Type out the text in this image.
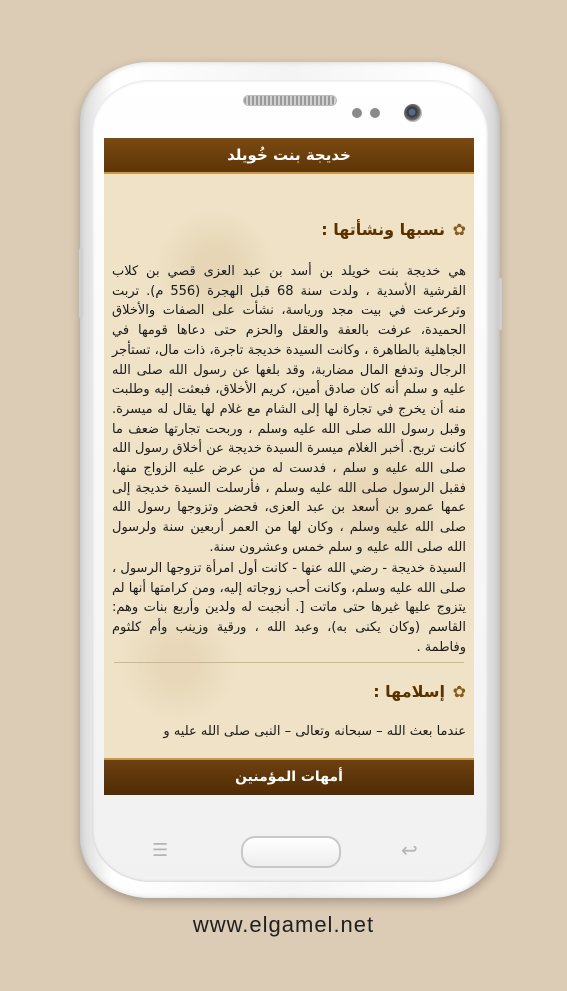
خديجة بنت خُويلد
✿
نسبها ونشأتها :
هي خديجة بنت خويلد بن أسد بن عبد العزى قصي بن كلاب القرشية الأسدية ، ولدت سنة 68 قبل الهجرة (556 م). تربت وترعرعت في بيت مجد ورياسة، نشأت على الصفات والأخلاق الحميدة، عرفت بالعفة والعقل والحزم حتى دعاها قومها في الجاهلية بالطاهرة ، وكانت السيدة خديجة تاجرة، ذات مال، تستأجر الرجال وتدفع المال مضاربة، وقد بلغها عن رسول الله صلى الله عليه و سلم أنه كان صادق أمين، كريم الأخلاق، فبعثت إليه وطلبت منه أن يخرج في تجارة لها إلى الشام مع غلام لها يقال له ميسرة. وقبل رسول الله صلى الله عليه وسلم ، وربحت تجارتها ضعف ما كانت تربح. أخبر الغلام ميسرة السيدة خديجة عن أخلاق رسول الله صلى الله عليه و سلم ، فدست له من عرض عليه الزواج منها، فقبل الرسول صلى الله عليه وسلم ، فأرسلت السيدة خديجة إلى عمها عمرو بن أسعد بن عبد العزى، فحضر وتزوجها رسول الله صلى الله عليه وسلم ، وكان لها من العمر أربعين سنة ولرسول الله صلى الله عليه و سلم خمس وعشرون سنة.
السيدة خديجة - رضي الله عنها - كانت أول امرأة تزوجها الرسول ، صلى الله عليه وسلم، وكانت أحب زوجاته إليه، ومن كرامتها أنها لم يتزوج عليها غيرها حتى ماتت [. أنجبت له ولدين وأربع بنات وهم: القاسم (وكان يكنى به)، وعبد الله ، ورقية وزينب وأم كلثوم وفاطمة .
✿
إسلامها :
عندما بعث الله – سبحانه وتعالى – النبى صلى الله عليه و
أمهات المؤمنين
☰	↩
www.elgamel.net
